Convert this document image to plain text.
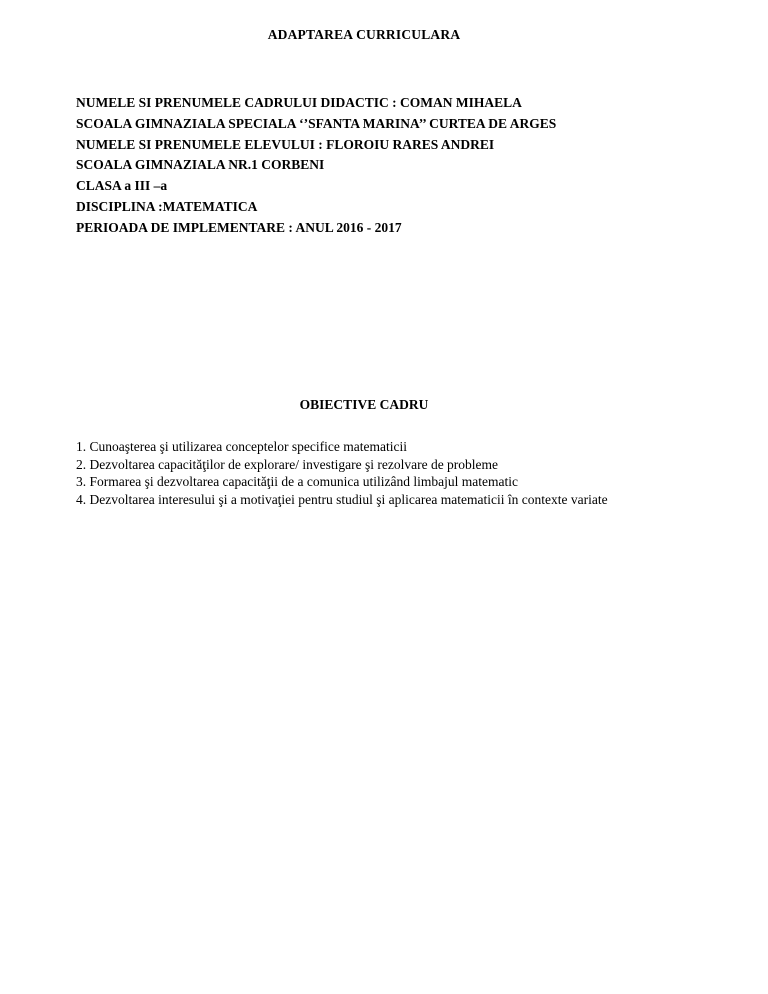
ADAPTAREA CURRICULARA
NUMELE SI PRENUMELE CADRULUI DIDACTIC : COMAN MIHAELA
SCOALA GIMNAZIALA SPECIALA ‘’SFANTA MARINA’’ CURTEA DE ARGES
NUMELE SI PRENUMELE ELEVULUI : FLOROIU RARES ANDREI
SCOALA GIMNAZIALA NR.1 CORBENI
CLASA a III –a
DISCIPLINA :MATEMATICA
PERIOADA DE IMPLEMENTARE : ANUL 2016 - 2017
OBIECTIVE CADRU
1. Cunoaşterea şi utilizarea conceptelor specifice matematicii
2. Dezvoltarea capacităţilor de explorare/ investigare şi rezolvare de probleme
3. Formarea şi dezvoltarea capacităţii de a comunica utilizând limbajul matematic
4. Dezvoltarea interesului şi a motivaţiei pentru studiul şi aplicarea matematicii în contexte variate
